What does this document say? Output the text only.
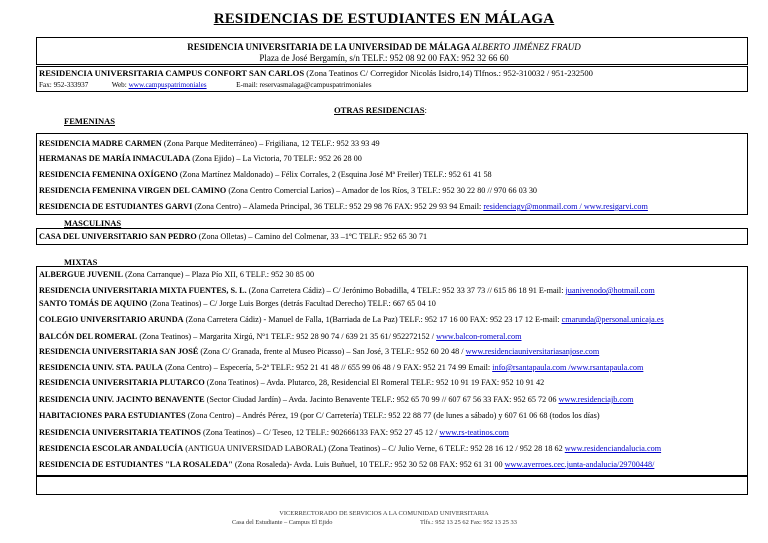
RESIDENCIAS DE ESTUDIANTES EN MÁLAGA
RESIDENCIA UNIVERSITARIA DE LA UNIVERSIDAD DE MÁLAGA ALBERTO JIMÉNEZ FRAUD
Plaza de José Bergamín, s/n TELF.: 952 08 92 00 FAX: 952 32 66 60
RESIDENCIA UNIVERSITARIA CAMPUS CONFORT SAN CARLOS (Zona Teatinos C/ Corregidor Nicolás Isidro,14) Tlfnos.: 952-310032 / 951-232500
Fax: 952-333937	Web: www.campuspatrimoniales	E-mail: reservasmalaga@campuspatrimoniales
OTRAS RESIDENCIAS:
FEMENINAS
RESIDENCIA MADRE CARMEN (Zona Parque Mediterráneo) – Frigiliana, 12 TELF.: 952 33 93 49
HERMANAS DE MARÍA INMACULADA (Zona Ejido) – La Victoria, 70 TELF.: 952 26 28 00
RESIDENCIA FEMENINA OXÍGENO (Zona Martínez Maldonado) – Félix Corrales, 2 (Esquina José Mª Freiler) TELF.: 952 61 41 58
RESIDENCIA FEMENINA VIRGEN DEL CAMINO (Zona Centro Comercial Larios) – Amador de los Ríos, 3 TELF.: 952 30 22 80 // 970 66 03 30
RESIDENCIA DE ESTUDIANTES GARVI (Zona Centro) – Alameda Principal, 36 TELF.: 952 29 98 76 FAX: 952 29 93 94 Email: residenciagv@monmail.com / www.resigarvi.com
MASCULINAS
CASA DEL UNIVERSITARIO SAN PEDRO (Zona Olletas) – Camino del Colmenar, 33 –1ºC TELF.: 952 65 30 71
MIXTAS
ALBERGUE JUVENIL (Zona Carranque) – Plaza Pío XII, 6 TELF.: 952 30 85 00
RESIDENCIA UNIVERSITARIA MIXTA FUENTES, S. L. (Zona Carretera Cádiz) – C/ Jerónimo Bobadilla, 4 TELF.: 952 33 37 73 // 615 86 18 91 E-mail: juanivenodo@hotmail.com
SANTO TOMÁS DE AQUINO (Zona Teatinos) – C/ Jorge Luis Borges (detrás Facultad Derecho) TELF.: 667 65 04 10
COLEGIO UNIVERSITARIO ARUNDA (Zona Carretera Cádiz) - Manuel de Falla, 1(Barriada de La Paz) TELF.: 952 17 16 00 FAX: 952 23 17 12 E-mail: cmarunda@personal.unicaja.es
BALCÓN DEL ROMERAL (Zona Teatinos) – Margarita Xirgú, Nº1 TELF.: 952 28 90 74 / 639 21 35 61/ 952272152 / www.balcon-romeral.com
RESIDENCIA UNIVERSITARIA SAN JOSÉ (Zona C/ Granada, frente al Museo Picasso) – San José, 3 TELF.: 952 60 20 48 / www.residenciauniversitariasanjose.com
RESIDENCIA UNIV. STA. PAULA (Zona Centro) – Especería, 5-2ª TELF.: 952 21 41 48 // 655 99 06 48 / 9 FAX: 952 21 74 99 Email: info@rsantapaula.com /www.rsantapaula.com
RESIDENCIA UNIVERSITARIA PLUTARCO (Zona Teatinos) – Avda. Plutarco, 28, Residencial El Romeral TELF.: 952 10 91 19 FAX: 952 10 91 42
RESIDENCIA UNIV. JACINTO BENAVENTE (Sector Ciudad Jardín) – Avda. Jacinto Benavente TELF.: 952 65 70 99 // 607 67 56 33 FAX: 952 65 72 06 www.residenciajb.com
HABITACIONES PARA ESTUDIANTES (Zona Centro) – Andrés Pérez, 19 (por C/ Carretería) TELF.: 952 22 88 77 (de lunes a sábado) y 607 61 06 68 (todos los días)
RESIDENCIA UNIVERSITARIA TEATINOS (Zona Teatinos) – C/ Teseo, 12 TELF.: 902666133 FAX: 952 27 45 12 / www.rs-teatinos.com
RESIDENCIA ESCOLAR ANDALUCÍA (ANTIGUA UNIVERSIDAD LABORAL) (Zona Teatinos) – C/ Julio Verne, 6 TELF.: 952 28 16 12 / 952 28 18 62 www.residenciandalucia.com
RESIDENCIA DE ESTUDIANTES "LA ROSALEDA" (Zona Rosaleda)- Avda. Luis Buñuel, 10 TELF.: 952 30 52 08 FAX: 952 61 31 00 www.averroes.cec.junta-andalucia/29700448/
VICERRECTORADO DE SERVICIOS A LA COMUNIDAD UNIVERSITARIA
Casa del Estudiante – Campus El Ejido	Tlfs.: 952 13 25 62 Fax: 952 13 25 33
